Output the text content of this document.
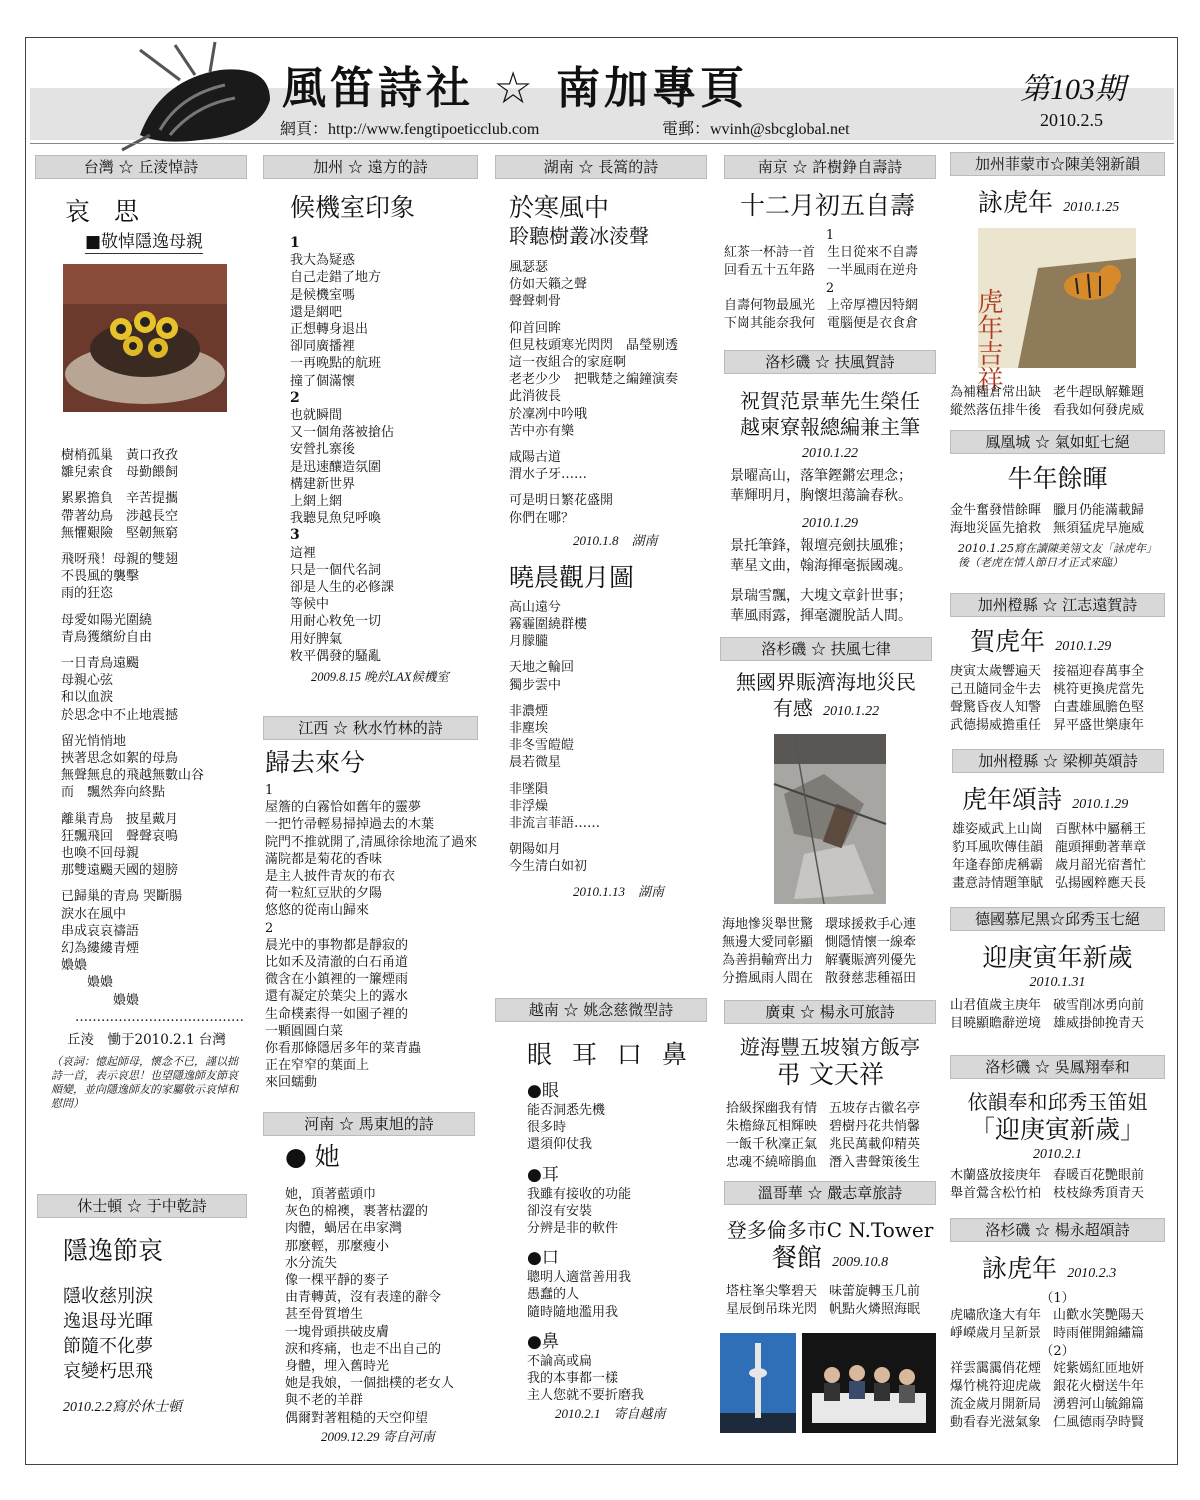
風笛詩社 ☆ 南加專頁	第103期
2010.2.5
網頁：http://www.fengtipoeticclub.com	電郵：wvinh@sbcglobal.net
台灣 ☆ 丘淩悼詩
哀 思
■敬悼隱逸母親
樹梢孤巢　黃口孜孜
雛兒索食　母勤餵飼
累累擔負　辛苦提攜
帶著幼鳥　涉越長空
無懼艱險　堅韌無窮
飛呀飛！母親的雙翅
不畏風的襲擊
雨的狂恣
母愛如陽光圍繞
青鳥獲繽紛自由
一日青鳥遠颺
母親心弦
和以血淚
於思念中不止地震撼
留光悄悄地
挾著思念如絮的母鳥
無聲無息的飛越無數山谷
而　飄然奔向終點
離巢青鳥　披星戴月
狂飄飛回　聲聲哀鳴
也喚不回母親
那雙遠颺天國的翅膀
已歸巢的青鳥 哭斷腸
淚水在風中
串成哀哀禱語
幻為縷縷青煙
嬝嬝
　　嬝嬝
　　　　嬝嬝
…………………………………
丘淩　慟于2010.2.1 台灣
（哀詞：憶起師母，懷念不已，謹以拙詩一首，表示哀思！也望隱逸師友節哀順變，並向隱逸師友的家屬敬示哀悼和慰問）
休士頓 ☆ 于中乾詩
隱逸節哀
隱收慈別淚
逸退母光暉
節隨不化夢
哀變朽思飛
2010.2.2寫於休士頓
加州 ☆ 遠方的詩
候機室印象
1
我大為疑惑
自己走錯了地方
是候機室嗎
還是網吧
正想轉身退出
卻同廣播裡
一再晚點的航班
撞了個滿懷
2
也就瞬間
又一個角落被搶佔
安營扎寨後
是迅速釀造氛圍
構建新世界
上網上網
我聽見魚兒呼喚
3
這裡
只是一個代名詞
卻是人生的必修課
等候中
用耐心敉免一切
用好脾氣
敉平偶發的騷亂
2009.8.15 晚於LAX候機室
江西 ☆ 秋水竹林的詩
歸去來兮
1
屋簷的白霧恰如舊年的靈夢
一把竹帚輕易掃掉過去的木葉
院門不推就開了,清風徐徐地流了過來
滿院都是菊花的香味
是主人披件青灰的布衣
荷一粒紅豆狀的夕陽
悠悠的從南山歸來
2
晨光中的事物都是靜寂的
比如禾及清澈的白石甬道
微含在小鎮裡的一簾煙雨
還有凝定於葉尖上的露水
生命樸素得一如園子裡的
一顆圓圓白菜
你看那條隱居多年的菜青蟲
正在窄窄的葉面上
來回蠕動
河南 ☆ 馬東旭的詩
● 她
她，頂著藍頭巾
灰色的棉襖，裹著枯澀的
肉體，蝸居在串家灣
那麼輕，那麼瘦小
水分流失
像一棵平靜的麥子
由青轉黃，沒有表達的辭令
甚至骨質增生
一塊骨頭拱破皮膚
淚和疼痛，也走不出自己的
身體，埋入舊時光
她是我娘，一個拙樸的老女人
與不老的羊群
偶爾對著粗糙的天空仰望
2009.12.29 寄自河南
湖南 ☆ 長篙的詩
於寒風中
聆聽樹叢冰淩聲
風瑟瑟
仿如天籟之聲
聲聲刺骨
仰首回眸
但見枝頭寒光閃閃　晶瑩剔透
這一夜組合的家庭啊
老老少少　把戰楚之編鐘演奏
此消彼長
於凜冽中吟哦
苦中亦有樂
咸陽古道
渭水子牙……
可是明日繁花盛開
你們在哪？
2010.1.8　湖南
曉晨觀月圖
高山遠兮
霧霾圍繞群樓
月朦朧
天地之輪回
獨步雲中
非濃煙
非塵埃
非冬雪皚皚
晨若微星
非墜隕
非浮燥
非流言菲語……
朝陽如月
今生清白如初
2010.1.13　湖南
越南 ☆ 姚念慈微型詩
眼 耳 口 鼻
●眼
能否洞悉先機
很多時
還須仰仗我
●耳
我雖有接收的功能
卻沒有安裝
分辨是非的軟件
●口
聰明人適當善用我
愚蠢的人
隨時隨地濫用我
●鼻
不論高或扁
我的本事都一樣
主人您就不要折磨我
2010.2.1　寄自越南
南京 ☆ 許樹錚自壽詩
十二月初五自壽
1
紅茶一杯詩一首 生日從來不自壽
回看五十五年路 一半風雨在逆舟
2
自壽何物最風光 上帝厚禮因特網
下崗其能奈我何 電腦便是衣食倉
洛杉磯 ☆ 扶風賀詩
祝賀范景華先生榮任
越柬寮報總編兼主筆
2010.1.22
景曜高山，落筆鏗鏘宏理念；
華輝明月，胸懷坦蕩論春秋。
2010.1.29
景托筆鋒，報壇亮劍扶風雅；
華星文曲，翰海揮毫振國魂。
景瑞雪飄，大塊文章針世事；
華風雨露，揮毫灑脫話人間。
洛杉磯 ☆ 扶風七律
無國界賑濟海地災民
有感 2010.1.22
海地慘災舉世驚 環球援救手心連
無邊大愛同彰顯 惻隱情懷一線牽
為善捐輸齊出力 解囊賑濟列優先
分擔風雨人間在 散發慈悲種福田
廣東 ☆ 楊永可旅詩
遊海豐五坡嶺方飯亭
弔 文天祥
拾級探幽我有情 五坡存古徽名亭
朱檐綠瓦相輝映 碧樹丹花共悄馨
一飯千秋凜正氣 兆民萬載仰精英
忠魂不繞啼鵑血 潛入書聲策後生
溫哥華 ☆ 嚴志章旅詩
登多倫多市C N.Tower
餐館 2009.10.8
塔柱峯尖擎碧天 味蕾旋轉玉几前
星辰倒吊珠光閃 帆點火燐照海眠
加州菲蒙市☆陳美翎新韻
詠虎年 2010.1.25
虎年吉祥
為補糧倉常出缺 老牛趕臥解難題
縱然落伍排牛後 看我如何發虎威
鳳凰城 ☆ 氣如虹七絕
牛年餘暉
金牛奮發惜餘暉 臘月仍能滿載歸
海地災區先搶救 無須猛虎早施威
2010.1.25寫在讀陳美翎文友「詠虎年」後（老虎在情人節日才正式來臨）
加州橙縣 ☆ 江志遠賀詩
賀虎年 2010.1.29
庚寅太歲響遍天 接福迎春萬事全
己丑隨同金牛去 桃符更換虎當先
聲驚昏夜人知警 白晝雄風膽色堅
武德揚威擔重任 昇平盛世樂康年
加州橙縣 ☆ 梁柳英頌詩
虎年頌詩 2010.1.29
雄姿威武上山崗 百獸林中屬稱王
豹耳風吹傳佳韻 龍頭揮動著華章
年逢春節虎稱霸 歲月韶光宿耆忙
畫意詩情題筆賦 弘揚國粹應天長
德國慕尼黑☆邱秀玉七絕
迎庚寅年新歲
2010.1.31
山君值歲主庚年 破雪削冰勇向前
目曉顯瞻辭逆境 雄威掛帥挽青天
洛杉磯 ☆ 吳鳳翔奉和
依韻奉和邱秀玉笛姐
「迎庚寅新歲」
2010.2.1
木蘭盛放接庚年 春暖百花艷眼前
舉首鶯含松竹柏 枝枝綠秀頂青天
洛杉磯 ☆ 楊永超頌詩
詠虎年 2010.2.3
（1）
虎嘯欣逢大有年 山歡水笑艷陽天
崢嶸歲月呈新景 時雨催開錦繡篇
（2）
祥雲靄靄俏花煙 姹紫嫣紅匝地妍
爆竹桃符迎虎歲 銀花火樹送牛年
流金歲月開新局 湧碧河山毓錦篇
動看春光滋氣象 仁風德雨孕時賢
